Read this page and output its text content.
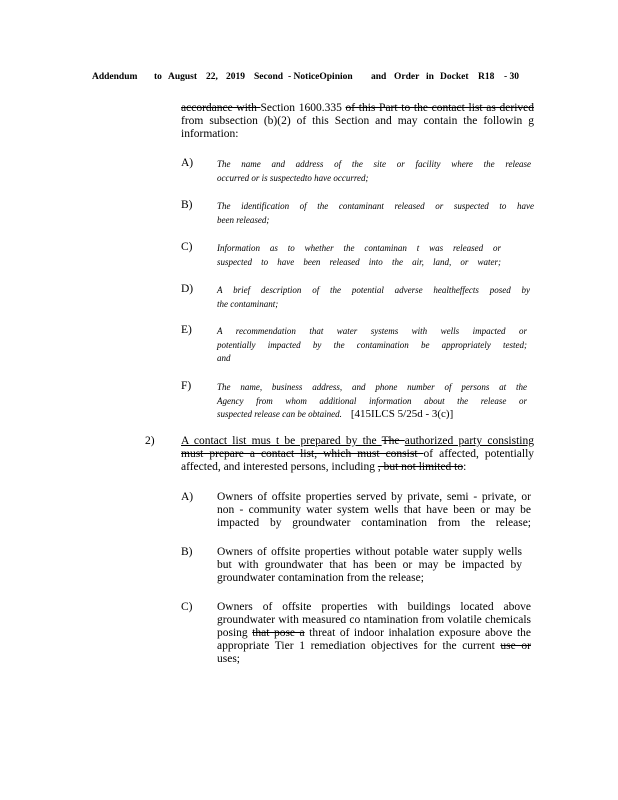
Addendum to August 22, 2019 Second - NoticeOpinion and Order in Docket R18 - 30
accordance with Section 1600.335 of this Part to the contact list as derived
from subsection (b)(2) of this Section and may contain the followin g
information:
A)	The name and address of the site or facility where the release
occurred or is suspectedto have occurred;
B)	The identification of the contaminant released or suspected to have
been released;
C)	Information as to whether the contaminan t was released or
suspected to have been released into the air, land, or water;
D)	A brief description of the potential adverse healtheffects posed by
the contaminant;
E)	A recommendation that water systems with wells impacted or
potentially impacted by the contamination be appropriately tested;
and
F)	The name, business address, and phone number of persons at the
Agency from whom additional information about the release or
suspected release can be obtained. [415ILCS 5/25d - 3(c)]
2) A contact list mus t be prepared by the The authorized party consisting
must prepare a contact list, which must consist of affected, potentially
affected, and interested persons, including , but not limited to:
A) Owners of offsite properties served by private, semi - private, or
non - community water system wells that have been or may be
impacted by groundwater contamination from the release;
B) Owners of offsite properties without potable water supply wells
but with groundwater that has been or may be impacted by
groundwater contamination from the release;
C) Owners of offsite properties with buildings located above
groundwater with measured co ntamination from volatile chemicals
posing that pose a threat of indoor inhalation exposure above the
appropriate Tier 1 remediation objectives for the current use or
uses;
